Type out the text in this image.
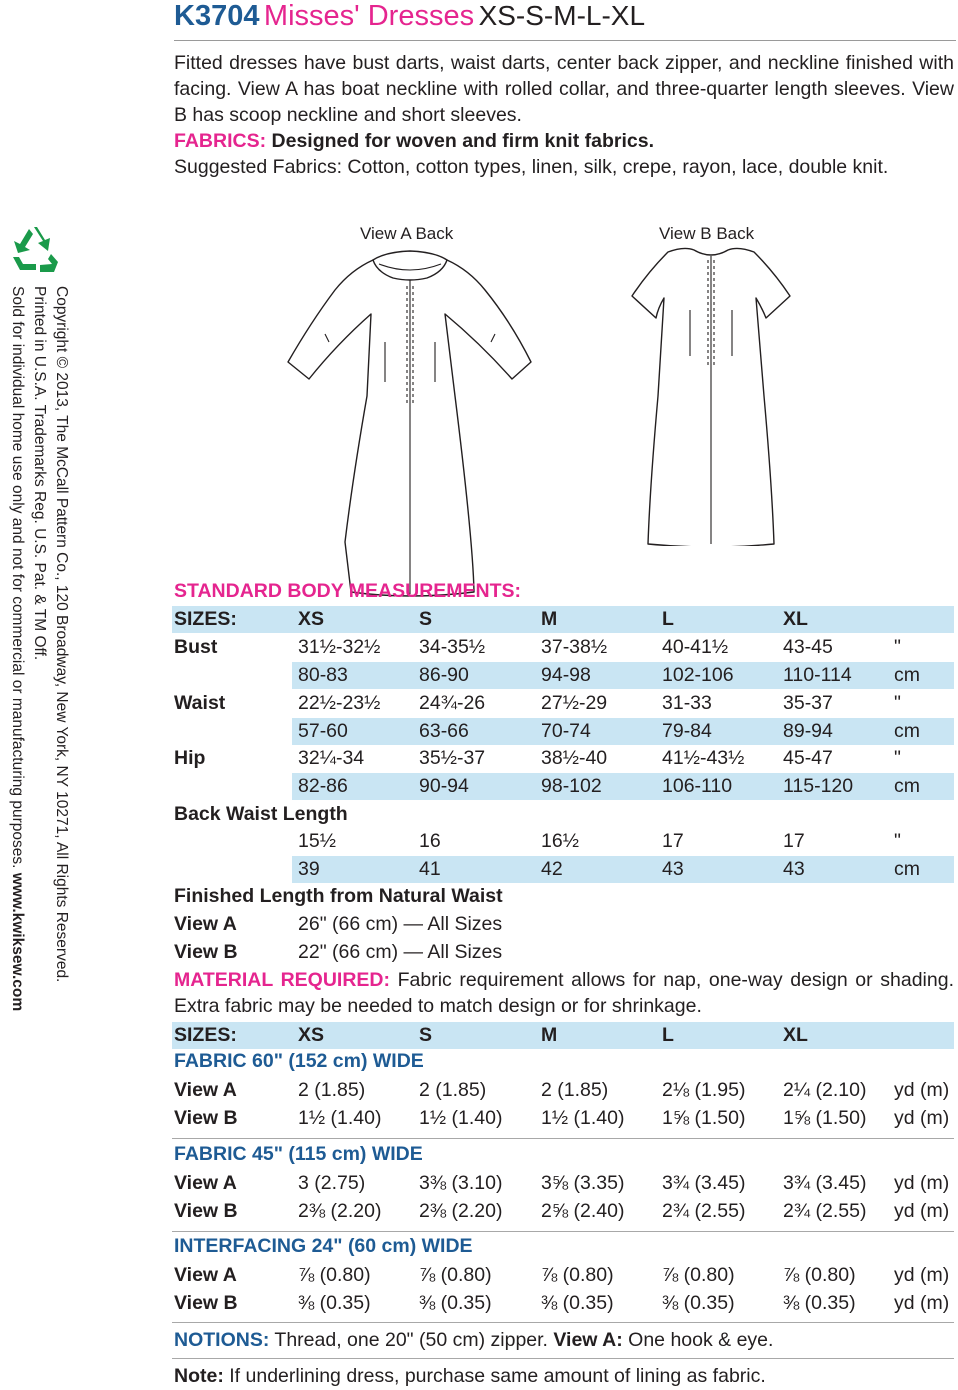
K3704 Misses' Dresses XS-S-M-L-XL
Fitted dresses have bust darts, waist darts, center back zipper, and neckline finished with facing. View A has boat neckline with rolled collar, and three-quarter length sleeves. View B has scoop neckline and short sleeves.
FABRICS: Designed for woven and firm knit fabrics.
Suggested Fabrics: Cotton, cotton types, linen, silk, crepe, rayon, lace, double knit.
Copyright © 2013, The McCall Pattern Co., 120 Broadway, New York, NY 10271, All Rights Reserved.
Printed in U.S.A. Trademarks Reg. U.S. Pat. & TM Off.
Sold for individual home use only and not for commercial or manufacturing purposes. www.kwiksew.com
View A Back	View B Back
STANDARD BODY MEASUREMENTS:
SIZES:	XS	S	M	L	XL
Bust	31½-32½ 34-35½	37-38½	40-41½	43-45	"
80-83	86-90	94-98	102-106	110-114 cm
Waist	22½-23½ 24¾-26	27½-29	31-33	35-37	"
57-60	63-66	70-74	79-84	89-94	cm
Hip	32¼-34	35½-37	38½-40	41½-43½ 45-47	"
82-86	90-94	98-102	106-110	115-120 cm
Back Waist Length
15½	16	16½	17	17	"
39	41	42	43	43	cm
Finished Length from Natural Waist
View A	26" (66 cm) — All Sizes
View B	22" (66 cm) — All Sizes
MATERIAL REQUIRED: Fabric requirement allows for nap, one-way design or shading. Extra fabric may be needed to match design or for shrinkage.
SIZES:	XS	S	M	L	XL
FABRIC 60" (152 cm) WIDE
View A	2 (1.85)	2 (1.85)	2 (1.85)	2⅛ (1.95) 2¼ (2.10) yd (m)
View B	1½ (1.40) 1½ (1.40) 1½ (1.40) 1⅝ (1.50) 1⅝ (1.50) yd (m)
FABRIC 45" (115 cm) WIDE
View A	3 (2.75)	3⅜ (3.10) 3⅝ (3.35) 3¾ (3.45) 3¾ (3.45) yd (m)
View B	2⅜ (2.20) 2⅜ (2.20) 2⅝ (2.40) 2¾ (2.55) 2¾ (2.55) yd (m)
INTERFACING 24" (60 cm) WIDE
View A	⅞ (0.80) ⅞ (0.80)	⅞ (0.80) ⅞ (0.80) ⅞ (0.80) yd (m)
View B	⅜ (0.35) ⅜ (0.35)	⅜ (0.35) ⅜ (0.35) ⅜ (0.35) yd (m)
NOTIONS: Thread, one 20" (50 cm) zipper. View A: One hook & eye.
Note: If underlining dress, purchase same amount of lining as fabric.
